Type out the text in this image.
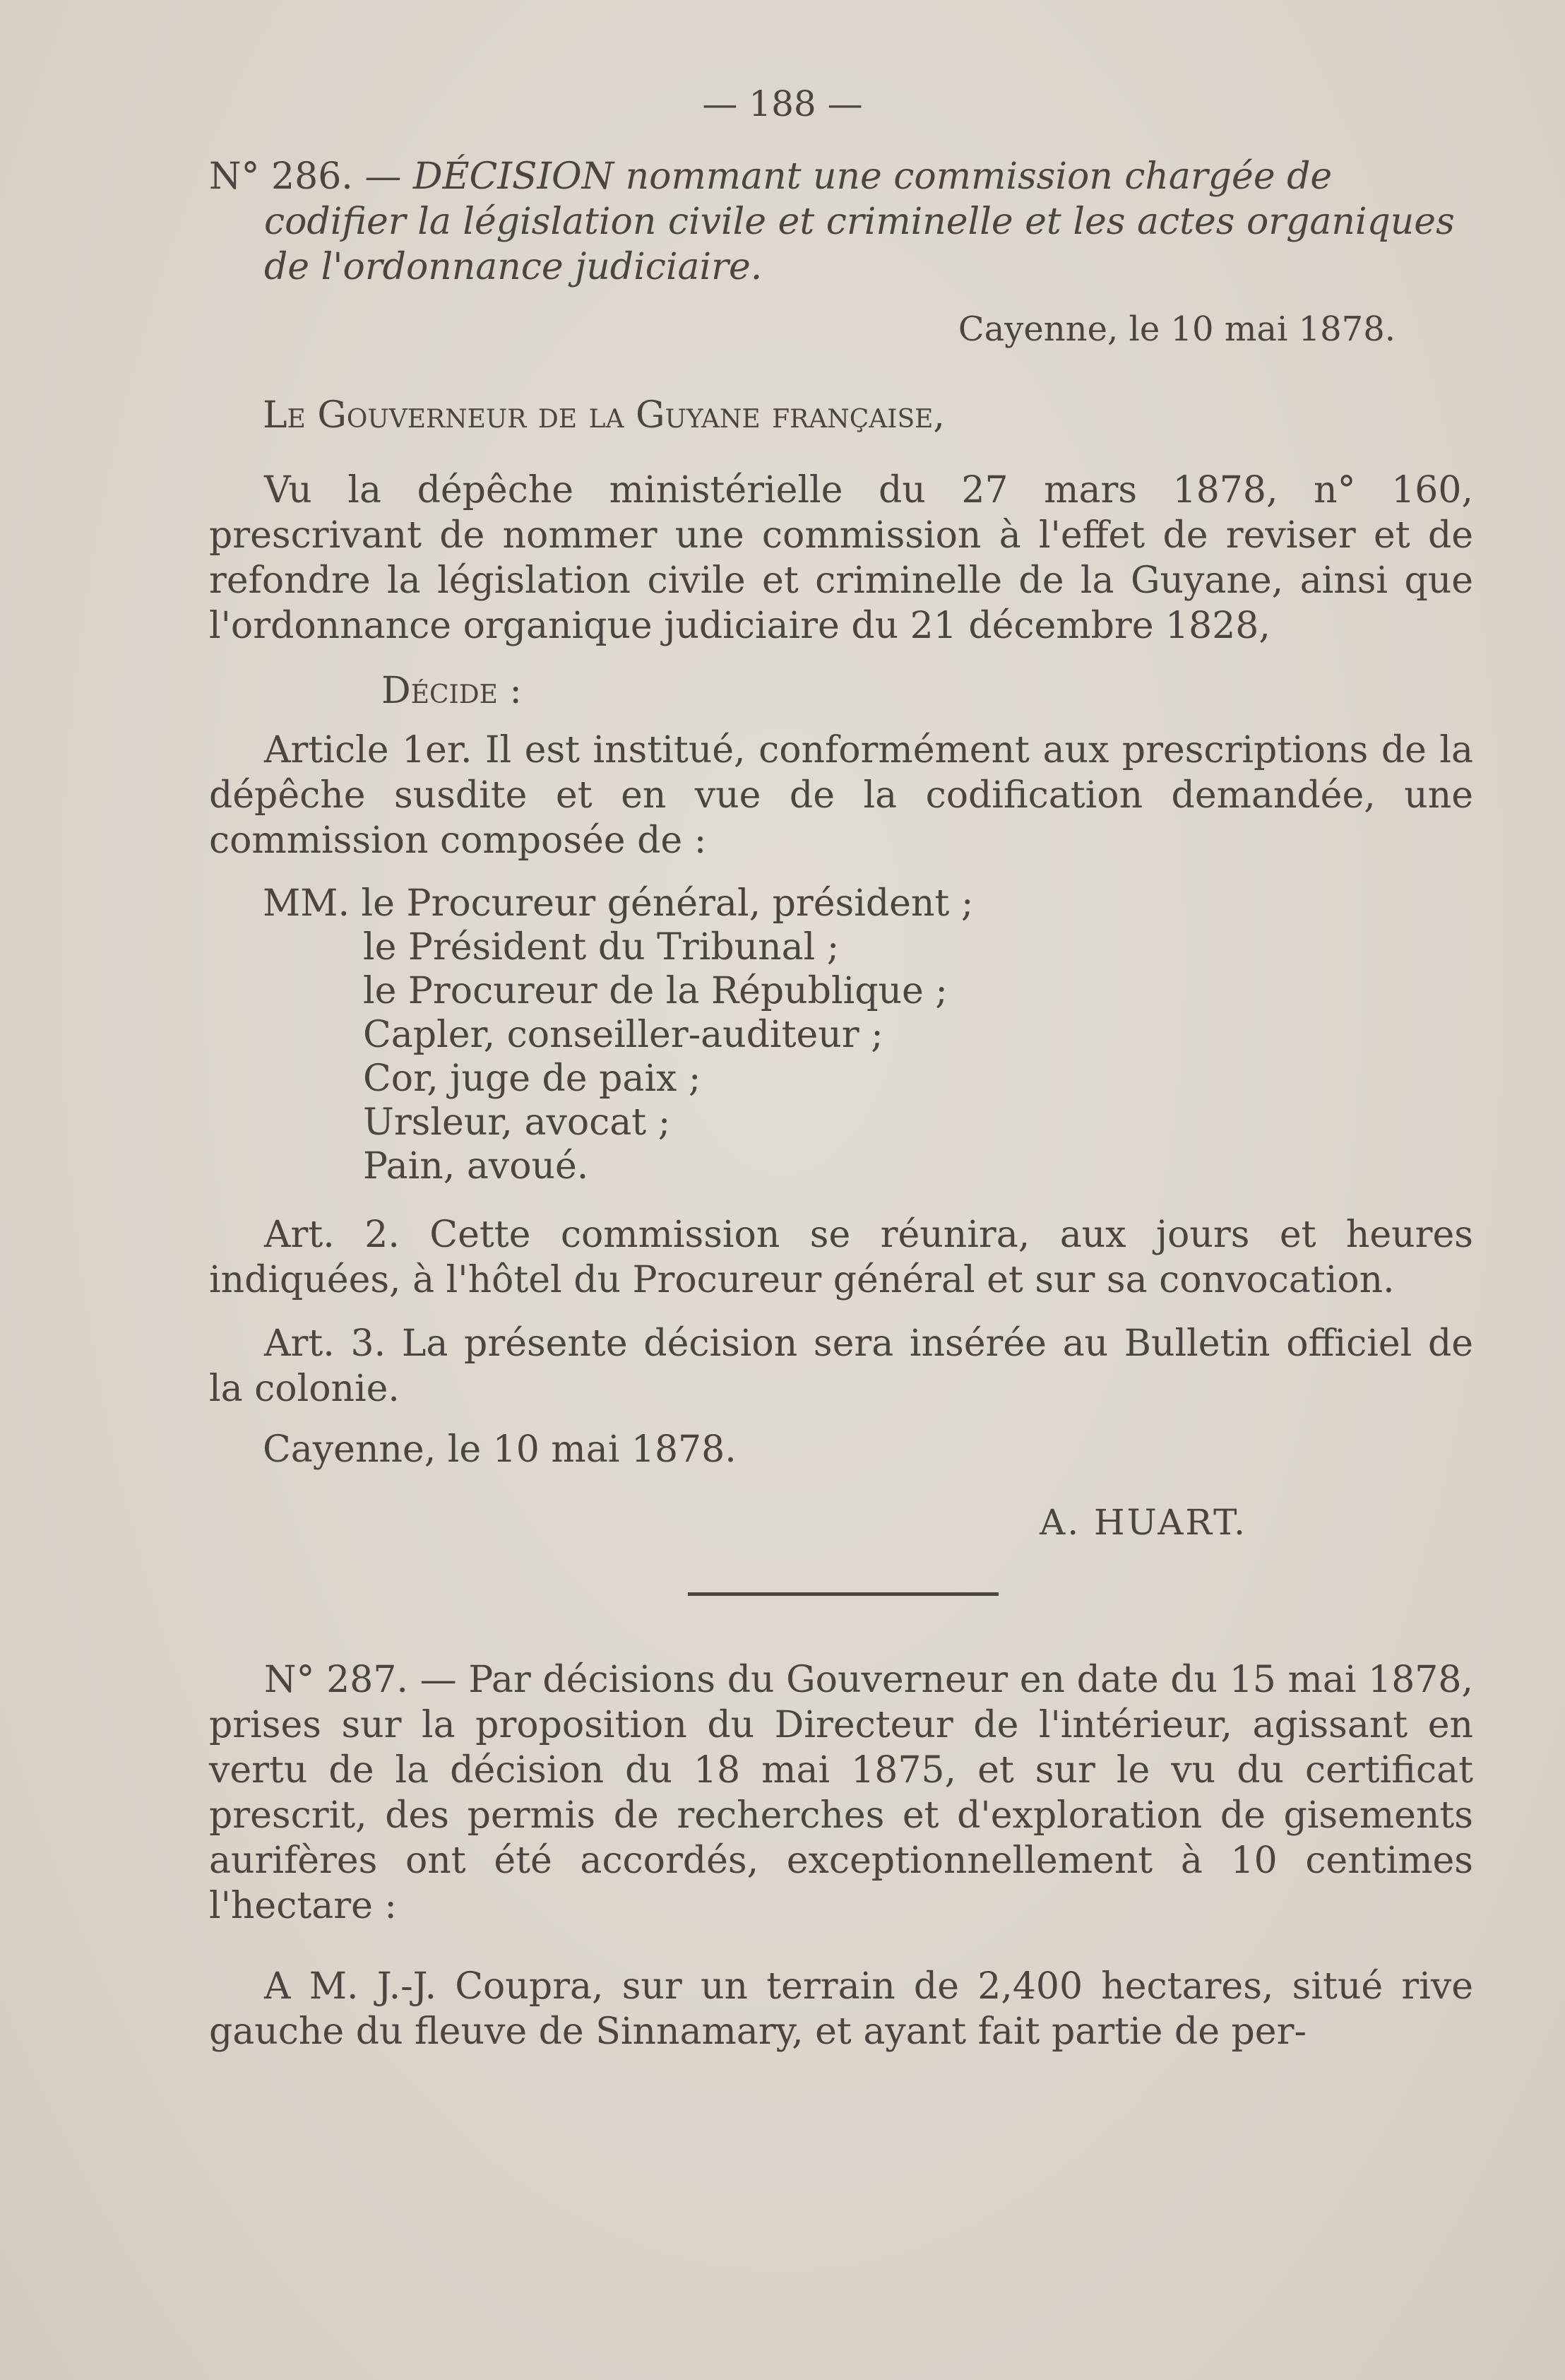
— 188 —
N° 286. — DÉCISION nommant une commission chargée de
codifier la législation civile et criminelle et les actes organiques
de l'ordonnance judiciaire.
Cayenne, le 10 mai 1878.
Le Gouverneur de la Guyane française,
Vu la dépêche ministérielle du 27 mars 1878, n° 160, prescrivant de nommer une commission à l'effet de reviser et de refondre la législation civile et criminelle de la Guyane, ainsi que l'ordonnance organique judiciaire du 21 décembre 1828,
Décide :
Article 1er. Il est institué, conformément aux prescriptions de la dépêche susdite et en vue de la codification demandée, une commission composée de :
MM. le Procureur général, président ;
le Président du Tribunal ;
le Procureur de la République ;
Capler, conseiller-auditeur ;
Cor, juge de paix ;
Ursleur, avocat ;
Pain, avoué.
Art. 2. Cette commission se réunira, aux jours et heures indiquées, à l'hôtel du Procureur général et sur sa convocation.
Art. 3. La présente décision sera insérée au Bulletin officiel de la colonie.
Cayenne, le 10 mai 1878.
A. HUART.
N° 287. — Par décisions du Gouverneur en date du 15 mai 1878, prises sur la proposition du Directeur de l'intérieur, agissant en vertu de la décision du 18 mai 1875, et sur le vu du certificat prescrit, des permis de recherches et d'exploration de gisements aurifères ont été accordés, exceptionnellement à 10 centimes l'hectare :
A M. J.-J. Coupra, sur un terrain de 2,400 hectares, situé rive gauche du fleuve de Sinnamary, et ayant fait partie de per-
